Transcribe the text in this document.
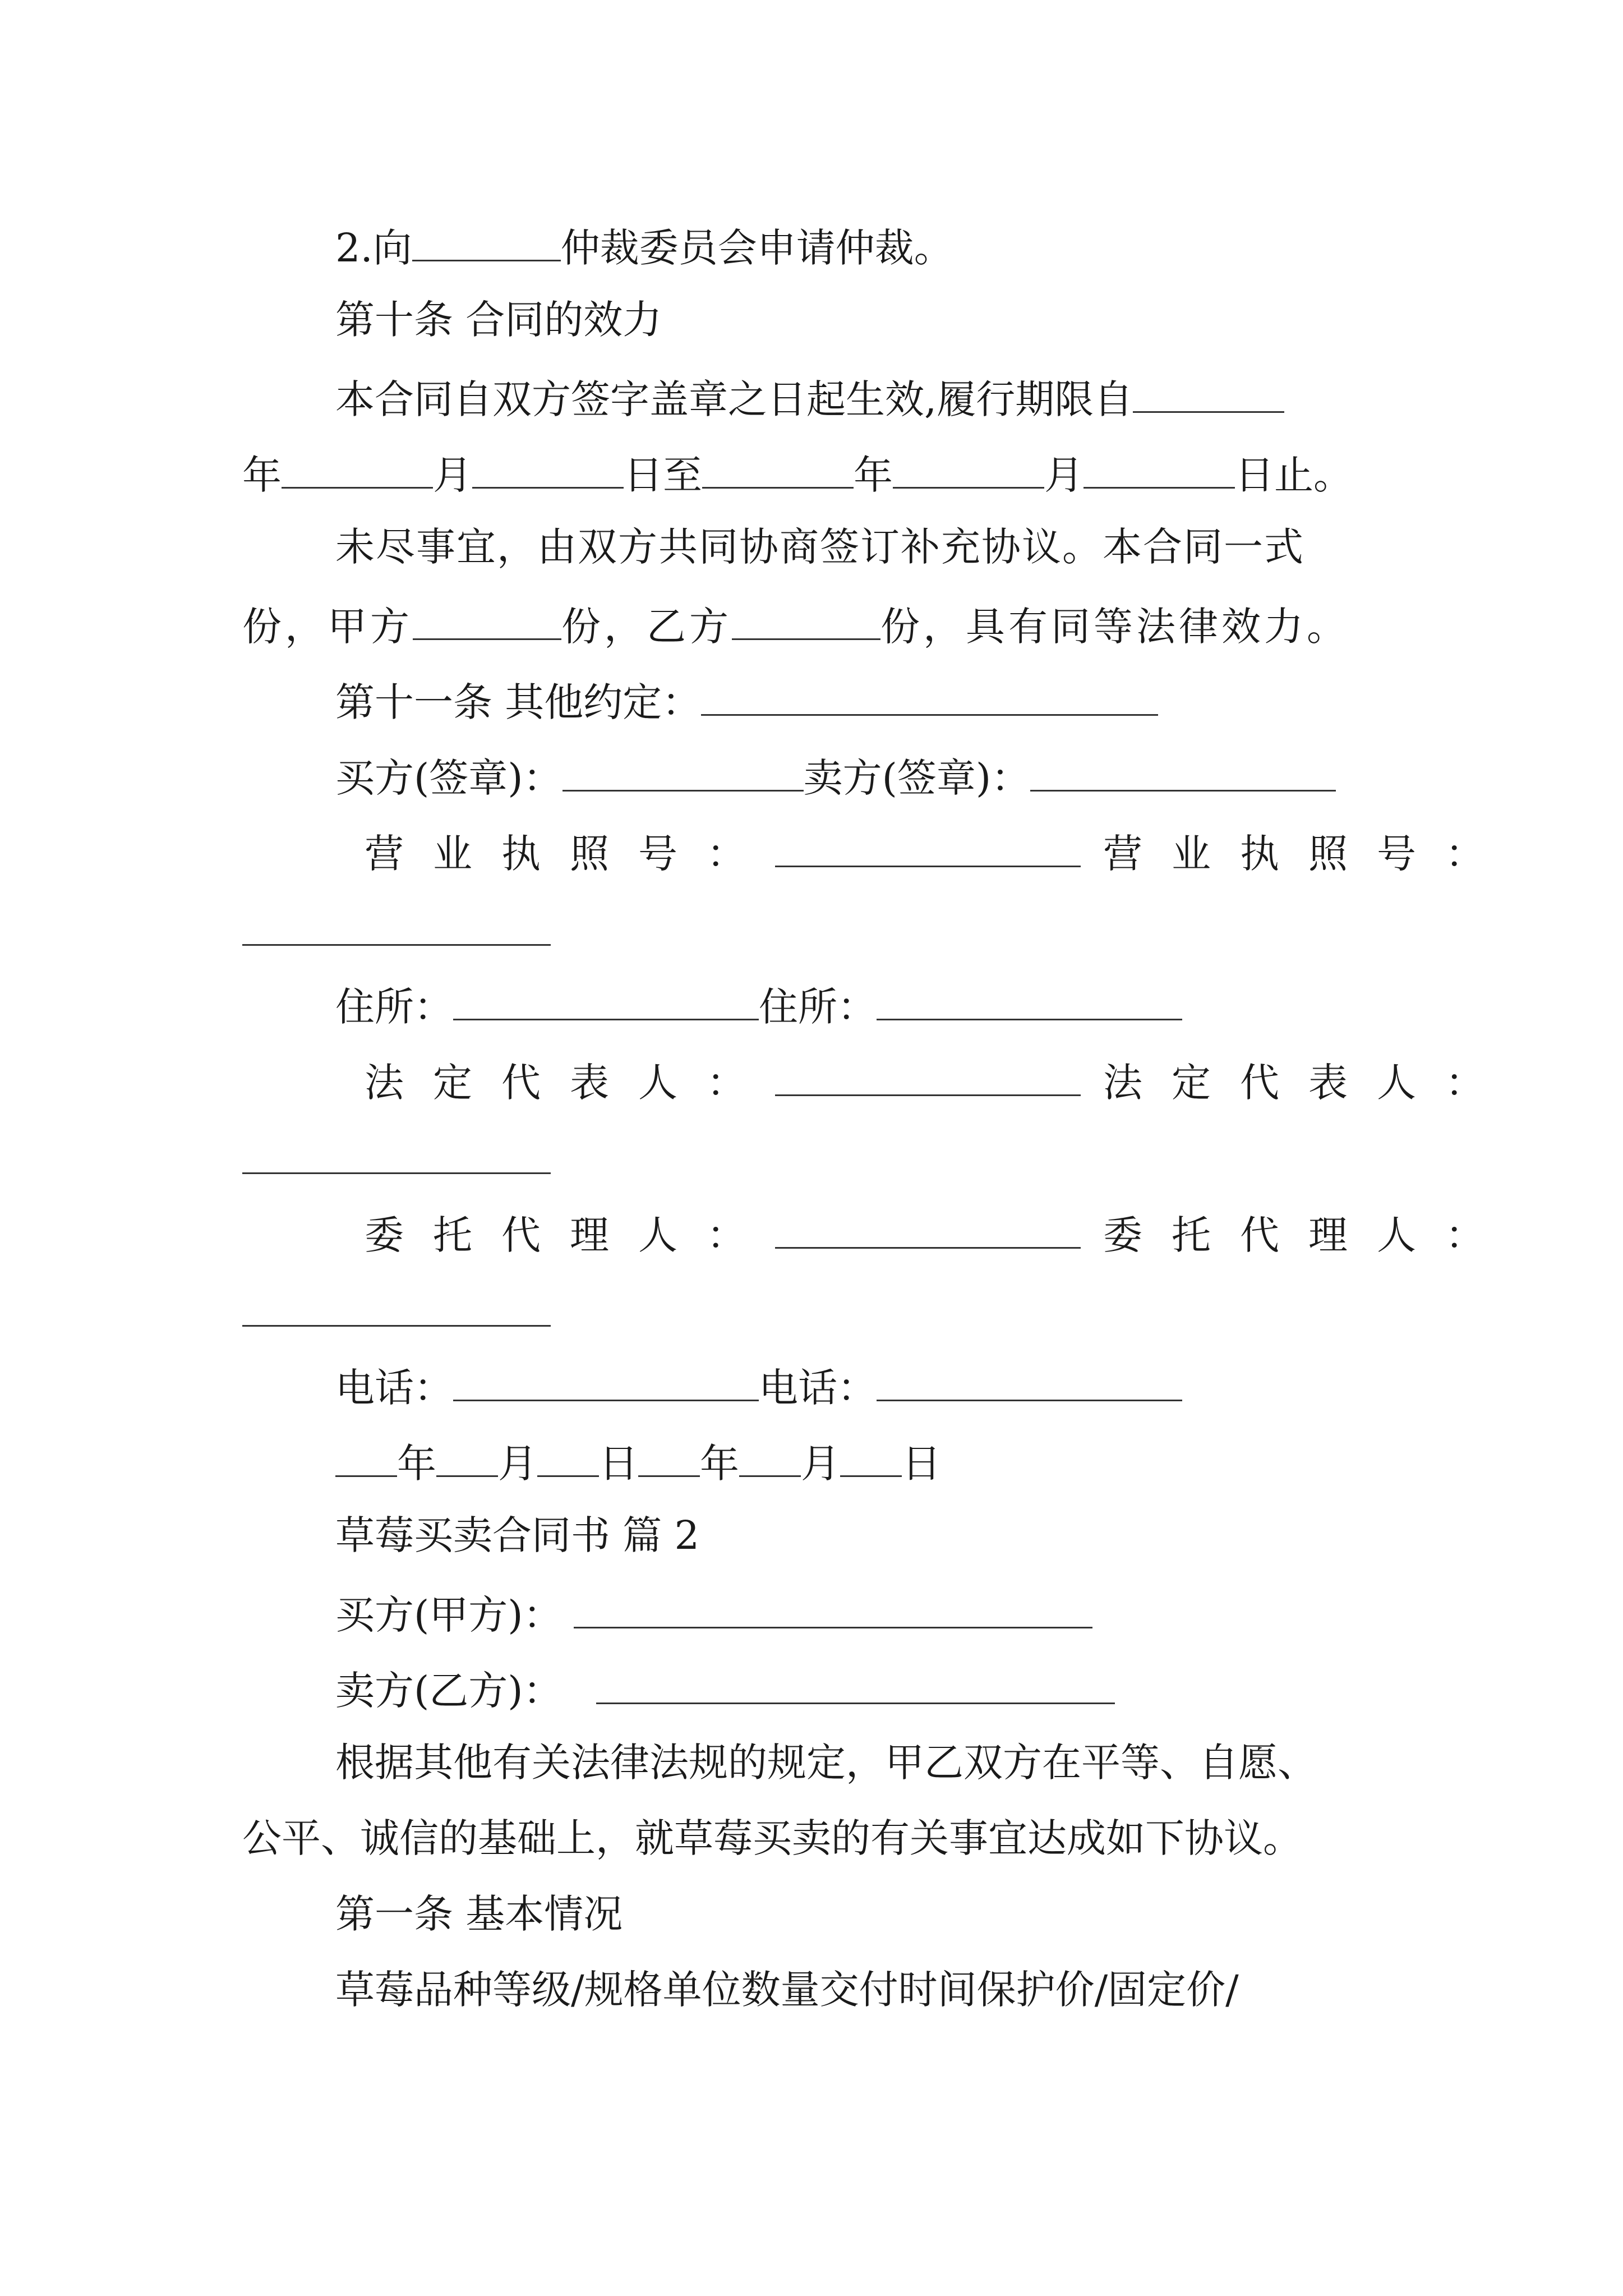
2.向	仲裁委员会申请仲裁。
第十条 合同的效力
本合同自双方签字盖章之日起生效,履行期限自
年	月	日至	年	月	日止。
未尽事宜，由双方共同协商签订补充协议。本合同一式
份，甲方	份，乙方	份，具有同等法律效力。
第十一条 其他约定：
买方(签章)：	卖方(签章)：
营业执照号：	营业执照号：
住所：	住所：
法定代表人：	法定代表人：
委托代理人：	委托代理人：
电话：	电话：
年 月 日 年 月 日
草莓买卖合同书 篇 2
买方(甲方)：
卖方(乙方)：
根据其他有关法律法规的规定，甲乙双方在平等、自愿、
公平、诚信的基础上，就草莓买卖的有关事宜达成如下协议。
第一条 基本情况
草莓品种等级/规格单位数量交付时间保护价/固定价/
